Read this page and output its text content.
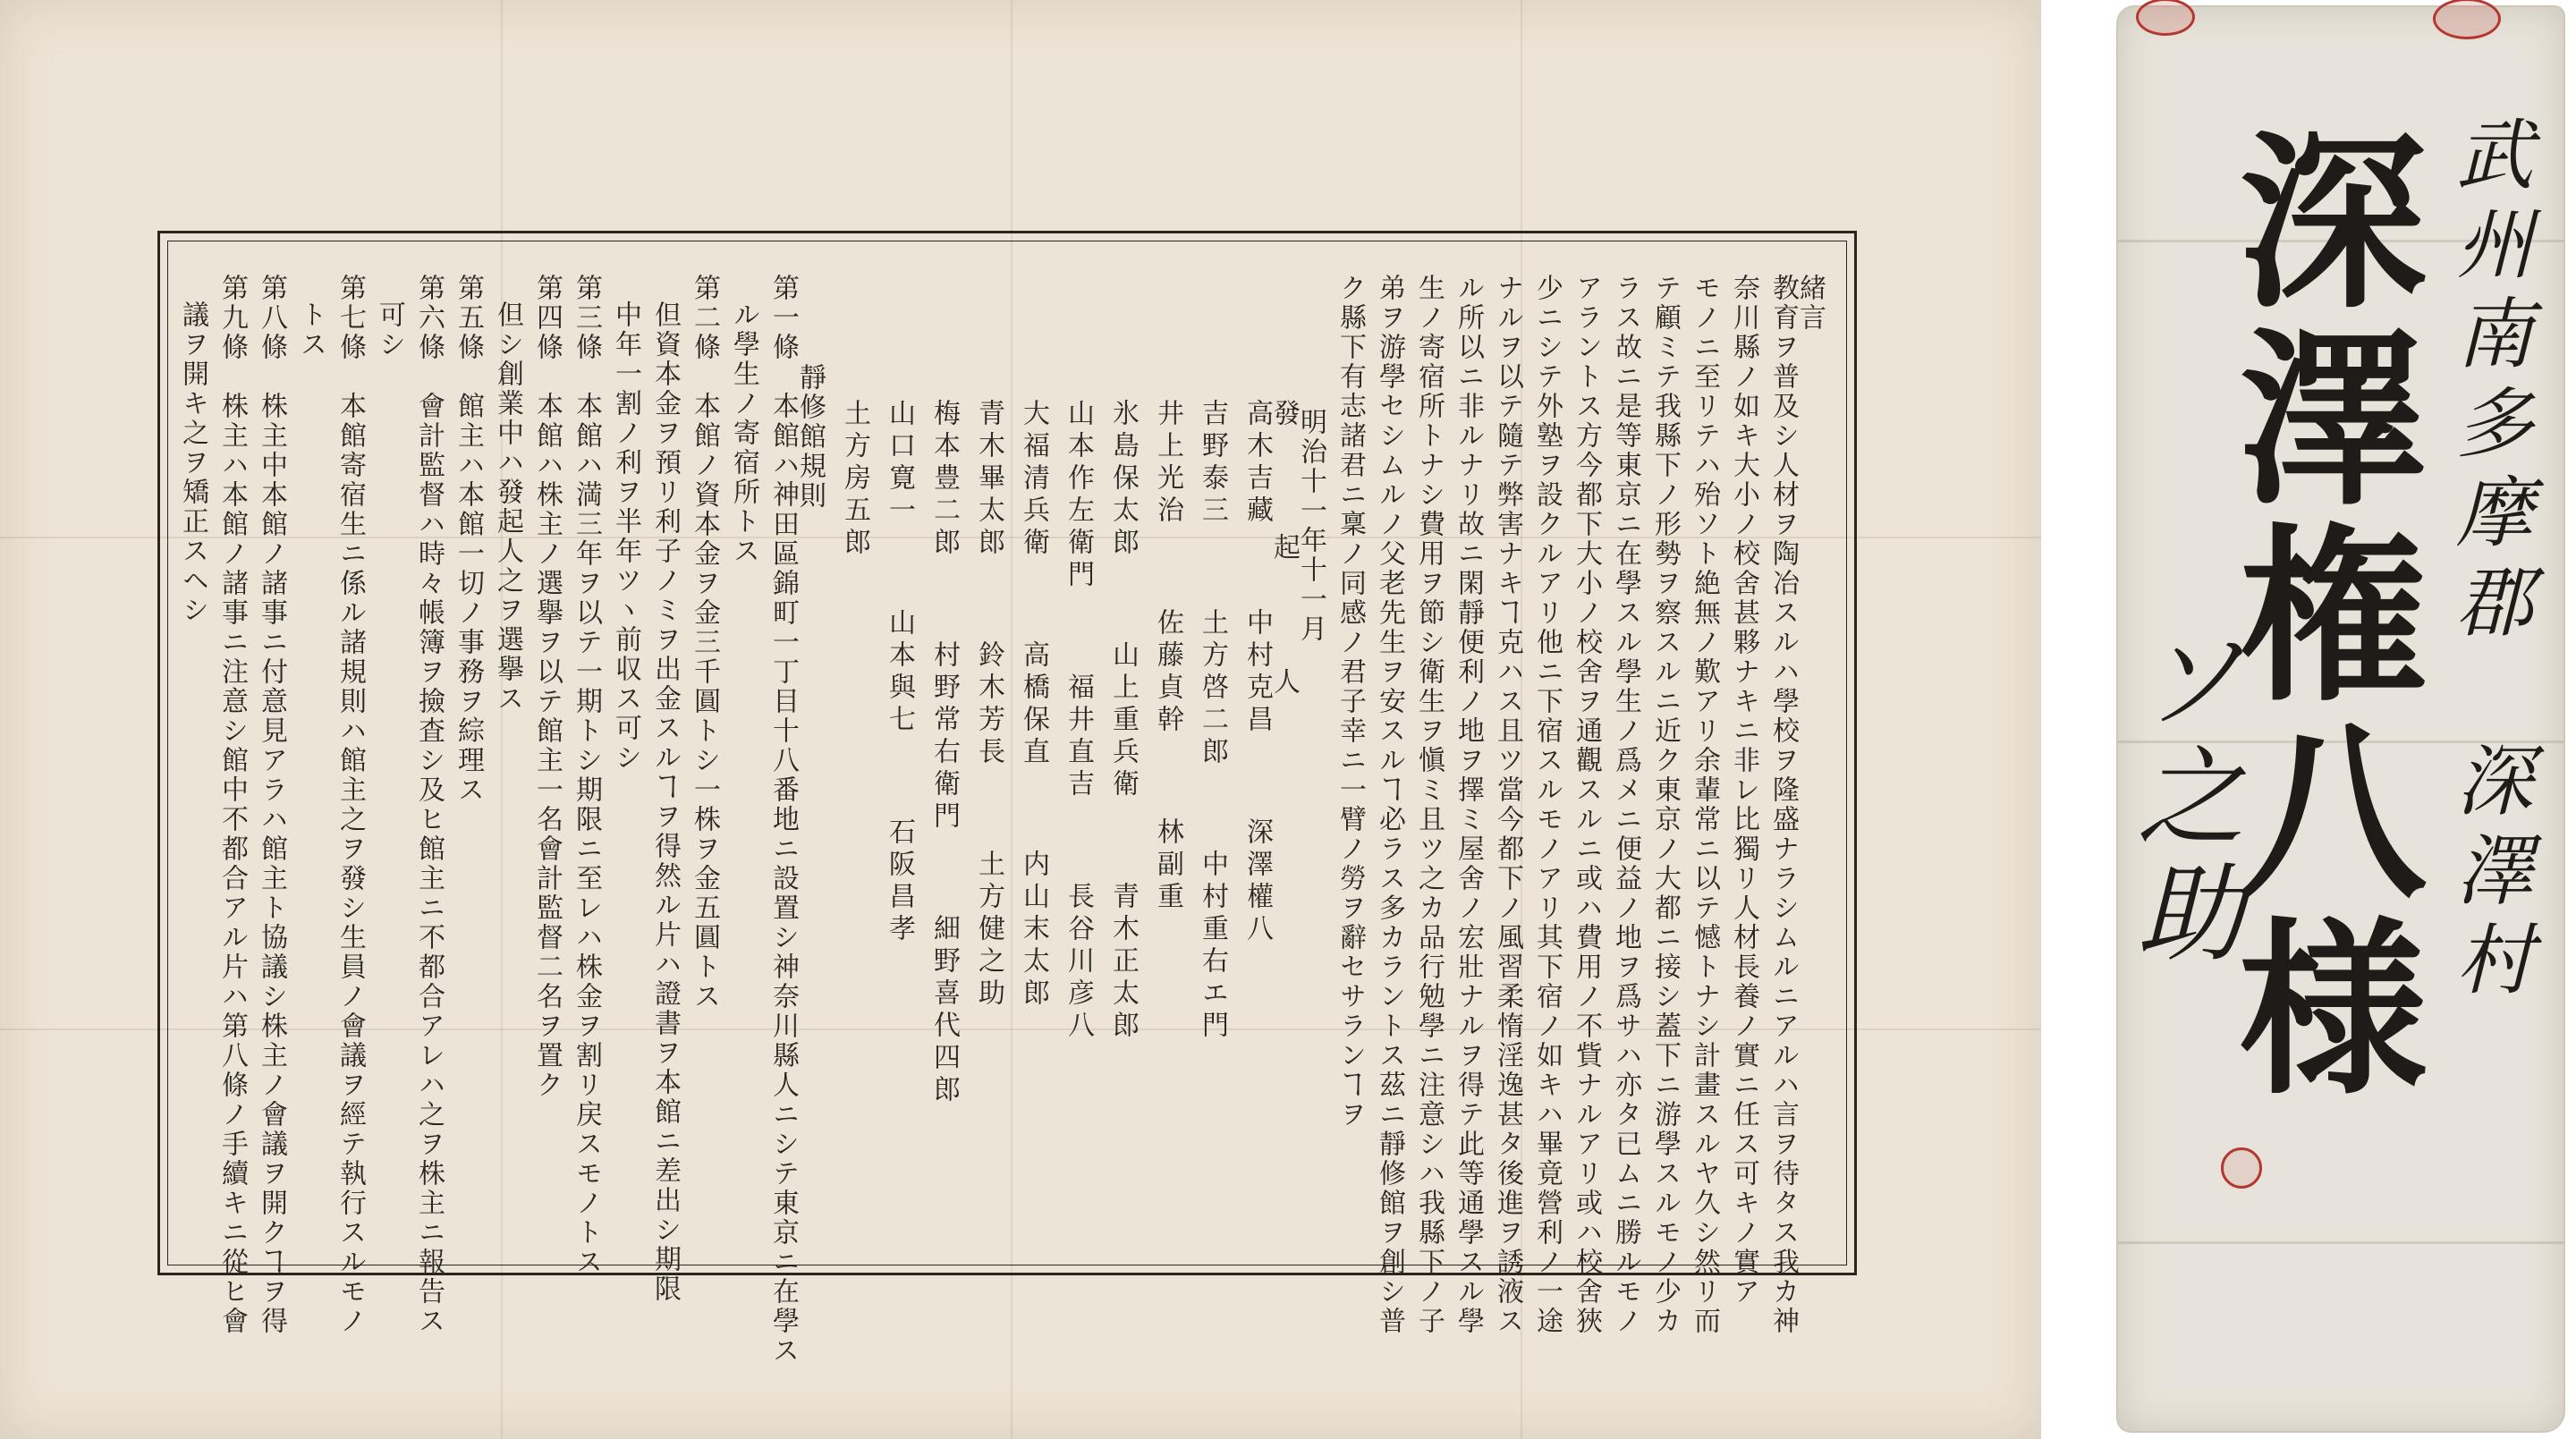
緒言
教育ヲ普及シ人材ヲ陶冶スルハ學校ヲ隆盛ナラシムルニアルハ言ヲ待タス我カ神
奈川縣ノ如キ大小ノ校舍甚夥ナキニ非レ比獨リ人材長養ノ實ニ任ス可キノ實ア
モノニ至リテハ殆ソト絶無ノ歎アリ余輩常ニ以テ憾トナシ計畫スルヤ久シ然リ而
テ顧ミテ我縣下ノ形勢ヲ察スルニ近ク東京ノ大都ニ接シ蓋下ニ游學スルモノ少カ
ラス故ニ是等東京ニ在學スル學生ノ爲メニ便益ノ地ヲ爲サハ亦タ已ムニ勝ルモノ
アラントス方今都下大小ノ校舍ヲ通觀スルニ或ハ費用ノ不貲ナルアリ或ハ校舍狹
少ニシテ外塾ヲ設クルアリ他ニ下宿スルモノアリ其下宿ノ如キハ畢竟營利ノ一途
ナルヲ以テ隨テ弊害ナキヿ克ハス且ツ當今都下ノ風習柔惰淫逸甚タ後進ヲ誘液ス
ル所以ニ非ルナリ故ニ閑靜便利ノ地ヲ擇ミ屋舍ノ宏壯ナルヲ得テ此等通學スル學
生ノ寄宿所トナシ費用ヲ節シ衛生ヲ愼ミ且ツ之カ品行勉學ニ注意シハ我縣下ノ子
弟ヲ游學セシムルノ父老先生ヲ安スルヿ必ラス多カラントス茲ニ靜修館ヲ創シ普
ク縣下有志諸君ニ稟ノ同感ノ君子幸ニ一臂ノ勞ヲ辭セサランヿヲ
明治十一年十一月
發起人
高木吉藏中村克昌深澤權八
吉野泰三土方啓二郎中村重右エ門
井上光治佐藤貞幹林副重
氷島保太郎山上重兵衛青木正太郎
山本作左衛門福井直吉長谷川彦八
大福清兵衛高橋保直内山末太郎
青木畢太郎鈴木芳長土方健之助
梅本豊二郎村野常右衛門細野喜代四郎
山口寛一山本與七石阪昌孝
土方房五郎
靜修館規則
第一條　本館ハ神田區錦町一丁目十八番地ニ設置シ神奈川縣人ニシテ東京ニ在學ス
ル學生ノ寄宿所トス
第二條　本館ノ資本金ヲ金三千圓トシ一株ヲ金五圓トス
但資本金ヲ預リ利子ノミヲ出金スルヿヲ得然ル片ハ證書ヲ本館ニ差出シ期限
中年一割ノ利ヲ半年ツヽ前収ス可シ
第三條　本館ハ満三年ヲ以テ一期トシ期限ニ至レハ株金ヲ割リ戻スモノトス
第四條　本館ハ株主ノ選擧ヲ以テ館主一名會計監督二名ヲ置ク
但シ創業中ハ發起人之ヲ選擧ス
第五條　館主ハ本館一切ノ事務ヲ綜理ス
第六條　會計監督ハ時々帳簿ヲ撿査シ及ヒ館主ニ不都合アレハ之ヲ株主ニ報告ス
可シ
第七條　本館寄宿生ニ係ル諸規則ハ館主之ヲ發シ生員ノ會議ヲ經テ執行スルモノ
トス
第八條　株主中本館ノ諸事ニ付意見アラハ館主ト協議シ株主ノ會議ヲ開クヿヲ得
第九條　株主ハ本館ノ諸事ニ注意シ館中不都合アル片ハ第八條ノ手續キニ從ヒ會
議ヲ開キ之ヲ矯正スヘシ	武州南多摩郡　深澤村
深澤権八様
ソ之助
